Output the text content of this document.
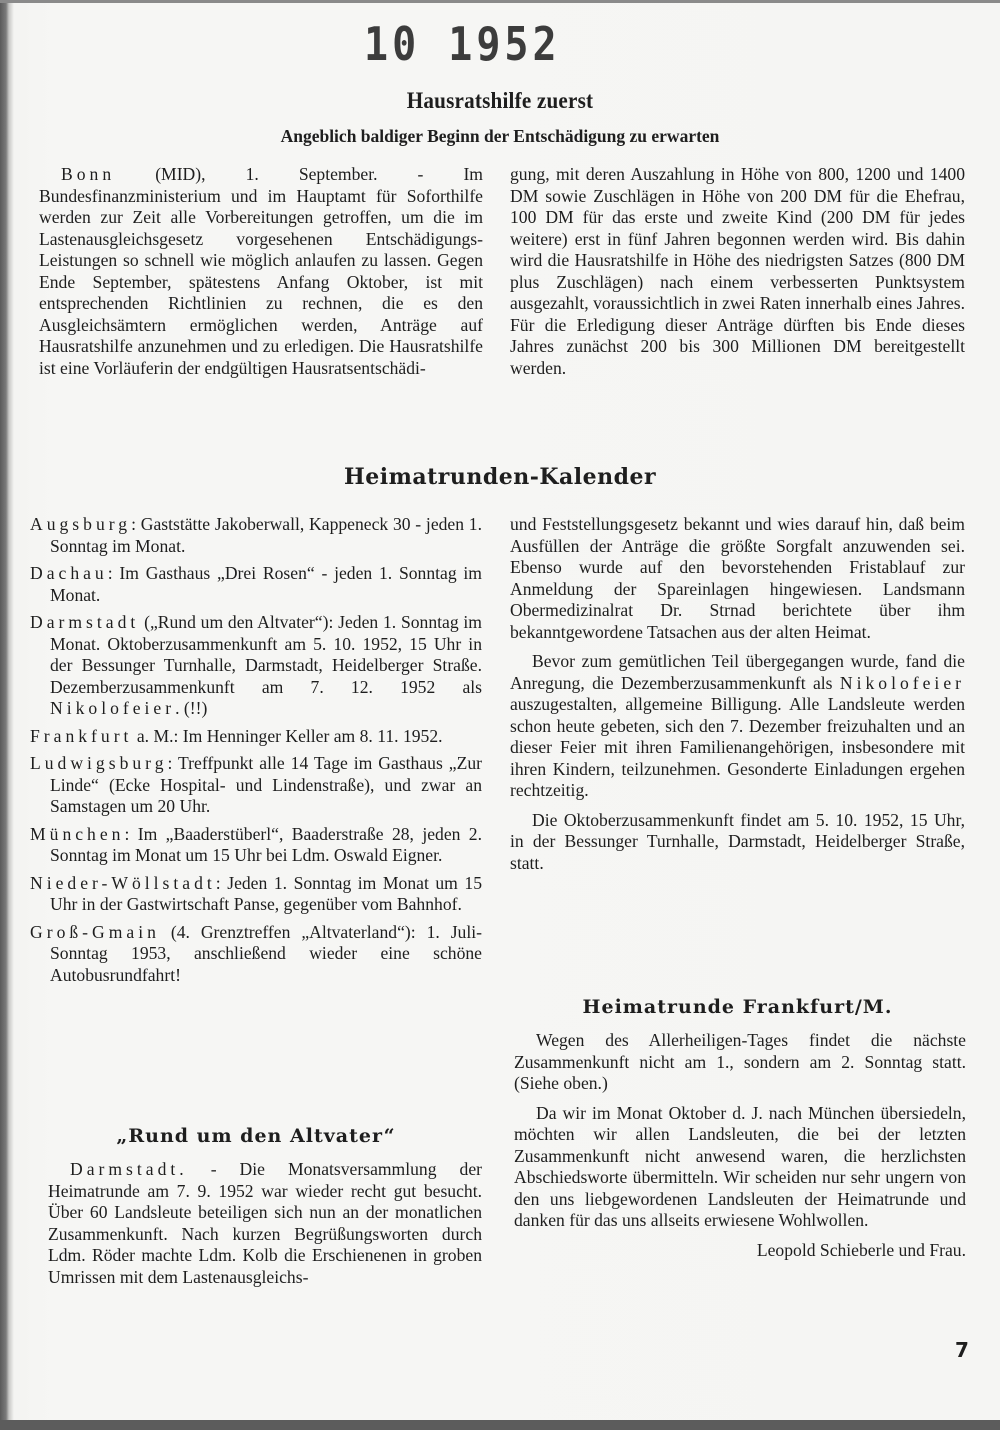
10 1952
Hausratshilfe zuerst
Angeblich baldiger Beginn der Entschädigung zu erwarten

Bonn (MID), 1. September. - Im Bundesfinanzministerium und im Hauptamt für Soforthilfe werden zur Zeit alle Vorbereitungen getroffen, um die im Lastenausgleichsgesetz vorgesehenen Entschädigungs-Leistungen so schnell wie möglich anlaufen zu lassen. Gegen Ende September, spätestens Anfang Oktober, ist mit entsprechenden Richtlinien zu rechnen, die es den Ausgleichsämtern ermöglichen werden, Anträge auf Hausratshilfe anzunehmen und zu erledigen. Die Hausratshilfe ist eine Vorläuferin der endgültigen Hausratsentschädi-

gung, mit deren Auszahlung in Höhe von 800, 1200 und 1400 DM sowie Zuschlägen in Höhe von 200 DM für die Ehefrau, 100 DM für das erste und zweite Kind (200 DM für jedes weitere) erst in fünf Jahren begonnen werden wird. Bis dahin wird die Hausratshilfe in Höhe des niedrigsten Satzes (800 DM plus Zuschlägen) nach einem verbesserten Punktsystem ausgezahlt, voraussichtlich in zwei Raten innerhalb eines Jahres. Für die Erledigung dieser Anträge dürften bis Ende dieses Jahres zunächst 200 bis 300 Millionen DM bereitgestellt werden.

Heimatrunden-Kalender

Augsburg: Gaststätte Jakoberwall, Kappeneck 30 - jeden 1. Sonntag im Monat.

Dachau: Im Gasthaus „Drei Rosen“ - jeden 1. Sonntag im Monat.

Darmstadt („Rund um den Altvater“): Jeden 1. Sonntag im Monat. Oktoberzusammenkunft am 5. 10. 1952, 15 Uhr in der Bessunger Turnhalle, Darmstadt, Heidelberger Straße. Dezemberzusammenkunft am 7. 12. 1952 als Nikolofeier. (!!)

Frankfurt a. M.: Im Henninger Keller am 8. 11. 1952.

Ludwigsburg: Treffpunkt alle 14 Tage im Gasthaus „Zur Linde“ (Ecke Hospital- und Lindenstraße), und zwar an Samstagen um 20 Uhr.

München: Im „Baaderstüberl“, Baaderstraße 28, jeden 2. Sonntag im Monat um 15 Uhr bei Ldm. Oswald Eigner.

Nieder-Wöllstadt: Jeden 1. Sonntag im Monat um 15 Uhr in der Gastwirtschaft Panse, gegenüber vom Bahnhof.

Groß-Gmain (4. Grenztreffen „Altvaterland“): 1. Juli-Sonntag 1953, anschließend wieder eine schöne Autobusrundfahrt!

„Rund um den Altvater“

Darmstadt. - Die Monatsversammlung der Heimatrunde am 7. 9. 1952 war wieder recht gut besucht. Über 60 Landsleute beteiligen sich nun an der monatlichen Zusammenkunft. Nach kurzen Begrüßungsworten durch Ldm. Röder machte Ldm. Kolb die Erschienenen in groben Umrissen mit dem Lastenausgleichs-

und Feststellungsgesetz bekannt und wies darauf hin, daß beim Ausfüllen der Anträge die größte Sorgfalt anzuwenden sei. Ebenso wurde auf den bevorstehenden Fristablauf zur Anmeldung der Spareinlagen hingewiesen. Landsmann Obermedizinalrat Dr. Strnad berichtete über ihm bekanntgewordene Tatsachen aus der alten Heimat.

Bevor zum gemütlichen Teil übergegangen wurde, fand die Anregung, die Dezemberzusammenkunft als Nikolofeier auszugestalten, allgemeine Billigung. Alle Landsleute werden schon heute gebeten, sich den 7. Dezember freizuhalten und an dieser Feier mit ihren Familienangehörigen, insbesondere mit ihren Kindern, teilzunehmen. Gesonderte Einladungen ergehen rechtzeitig.

Die Oktoberzusammenkunft findet am 5. 10. 1952, 15 Uhr, in der Bessunger Turnhalle, Darmstadt, Heidelberger Straße, statt.

Heimatrunde Frankfurt/M.

Wegen des Allerheiligen-Tages findet die nächste Zusammenkunft nicht am 1., sondern am 2. Sonntag statt. (Siehe oben.)

Da wir im Monat Oktober d. J. nach München übersiedeln, möchten wir allen Landsleuten, die bei der letzten Zusammenkunft nicht anwesend waren, die herzlichsten Abschiedsworte übermitteln. Wir scheiden nur sehr ungern von den uns liebgewordenen Landsleuten der Heimatrunde und danken für das uns allseits erwiesene Wohlwollen.

Leopold Schieberle und Frau.

7
